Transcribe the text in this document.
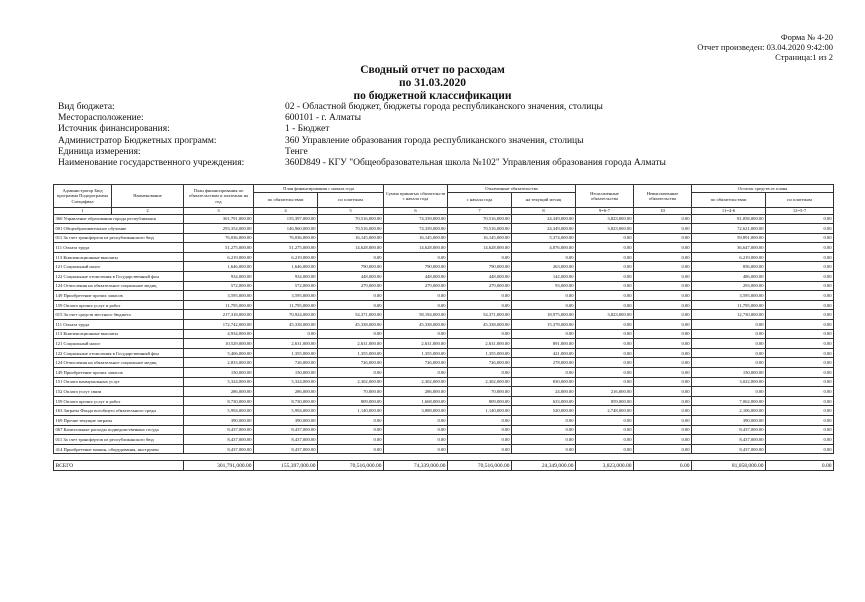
Форма № 4-20
Отчет произведен: 03.04.2020 9:42:00
Страница:1 из 2
Сводный отчет по расходам
по 31.03.2020
по бюджетной классификации
Вид бюджета:	02 - Областной бюджет, бюджеты города республиканского значения, столицы
Месторасположение:	600101 - г. Алматы
Источник финансирования:	1 - Бюджет
Администратор Бюджетных программ:	360 Управление образования города республиканского значения, столицы
Единица измерения:	Тенге
Наименование государственного учреждения:	360D849 - КГУ "Общеобразовательная школа №102" Управления образования города Алматы
Администратор Бюд программа Подпрограмма Специфика	Наименование	План финансирования по обязательствам и платежам на год	План финансирования с начала года		Сумма принятых обязательств с начала года	Оплаченные обязательства		Неоплаченные обязательства	Невыплаченные обязательства	Остаток средств от плана	
			по обязательствам	по платежам		с начала года	на текущий месяц			по обязательствам	по платежам
1	2	3	4	5	6	7	8	9=6-7	10	11=4-6	12=5-7
360 Управление образования города республиканск		301,791,000.00	155,397,000.00	70,516,000.00	74,339,000.00	70,516,000.00	24,349,000.00	3,823,000.00	0.00	81,058,000.00	0.00
001 Общеобразовательное обучение		293,354,000.00	146,960,000.00	70,516,000.00	74,339,000.00	70,516,000.00	24,349,000.00	3,823,000.00	0.00	72,621,000.00	0.00
011 За счет трансфертов из республиканского бюд		76,036,000.00	76,036,000.00	16,145,000.00	16,145,000.00	16,145,000.00	5,374,000.00	0.00	0.00	59,891,000.00	0.00
111 Оплата труда		51,275,000.00	51,275,000.00	14,628,000.00	14,628,000.00	14,628,000.00	4,876,000.00	0.00	0.00	36,647,000.00	0.00
113 Компенсационные выплаты		6,219,000.00	6,219,000.00	0.00	0.00	0.00	0.00	0.00	0.00	6,219,000.00	0.00
121 Социальный налог		1,646,000.00	1,646,000.00	790,000.00	790,000.00	790,000.00	263,000.00	0.00	0.00	856,000.00	0.00
122 Социальные отчисления в Государственный фон		934,000.00	934,000.00	448,000.00	448,000.00	448,000.00	142,000.00	0.00	0.00	486,000.00	0.00
124 Отчисления на обязательное социальное медиц		572,000.00	572,000.00	279,000.00	279,000.00	279,000.00	93,000.00	0.00	0.00	293,000.00	0.00
149 Приобретение прочих запасов		3,595,000.00	3,595,000.00	0.00	0.00	0.00	0.00	0.00	0.00	3,595,000.00	0.00
159 Оплата прочих услуг и работ		11,795,000.00	11,795,000.00	0.00	0.00	0.00	0.00	0.00	0.00	11,795,000.00	0.00
015 За счет средств местного бюджета		217,318,000.00	70,924,000.00	54,371,000.00	58,194,000.00	54,371,000.00	18,975,000.00	3,823,000.00	0.00	12,730,000.00	0.00
111 Оплата труда		172,742,000.00	45,338,000.00	45,338,000.00	45,338,000.00	45,338,000.00	15,378,000.00	0.00	0.00	0.00	0.00
113 Компенсационные выплаты		4,934,000.00	0.00	0.00	0.00	0.00	0.00	0.00	0.00	0.00	0.00
121 Социальный налог		10,529,000.00	2,631,000.00	2,631,000.00	2,631,000.00	2,631,000.00	891,000.00	0.00	0.00	0.00	0.00
122 Социальные отчисления в Государственный фон		5,406,000.00	1,355,000.00	1,355,000.00	1,355,000.00	1,355,000.00	421,000.00	0.00	0.00	0.00	0.00
124 Отчисления на обязательное социальное медиц		2,833,000.00	726,000.00	726,000.00	726,000.00	726,000.00	278,000.00	0.00	0.00	0.00	0.00
149 Приобретение прочих запасов		150,000.00	150,000.00	0.00	0.00	0.00	0.00	0.00	0.00	150,000.00	0.00
151 Оплата коммунальных услуг		5,324,000.00	5,324,000.00	2,302,000.00	2,302,000.00	2,302,000.00	830,000.00	0.00	0.00	3,022,000.00	0.00
152 Оплата услуг связи		286,000.00	286,000.00	70,000.00	286,000.00	70,000.00	24,000.00	216,000.00	0.00	0.00	0.00
159 Оплата прочих услуг и работ		8,730,000.00	8,730,000.00	809,000.00	1,668,000.00	809,000.00	633,000.00	859,000.00	0.00	7,062,000.00	0.00
163 Затраты Фонда всеобщего обязательного средн		5,994,000.00	5,994,000.00	1,140,000.00	3,888,000.00	1,140,000.00	520,000.00	2,748,000.00	0.00	2,106,000.00	0.00
169 Прочие текущие затраты		390,000.00	390,000.00	0.00	0.00	0.00	0.00	0.00	0.00	390,000.00	0.00
067 Капитальные расходы подведомственных госуда		8,437,000.00	8,437,000.00	0.00	0.00	0.00	0.00	0.00	0.00	8,437,000.00	0.00
011 За счет трансфертов из республиканского бюд		8,437,000.00	8,437,000.00	0.00	0.00	0.00	0.00	0.00	0.00	8,437,000.00	0.00
414 Приобретение машин, оборудования, инструмен		8,437,000.00	8,437,000.00	0.00	0.00	0.00	0.00	0.00	0.00	8,437,000.00	0.00

ВСЕГО		301,791,000.00	155,397,000.00	70,516,000.00	74,339,000.00	70,516,000.00	24,349,000.00	3,823,000.00	0.00	81,058,000.00	0.00
